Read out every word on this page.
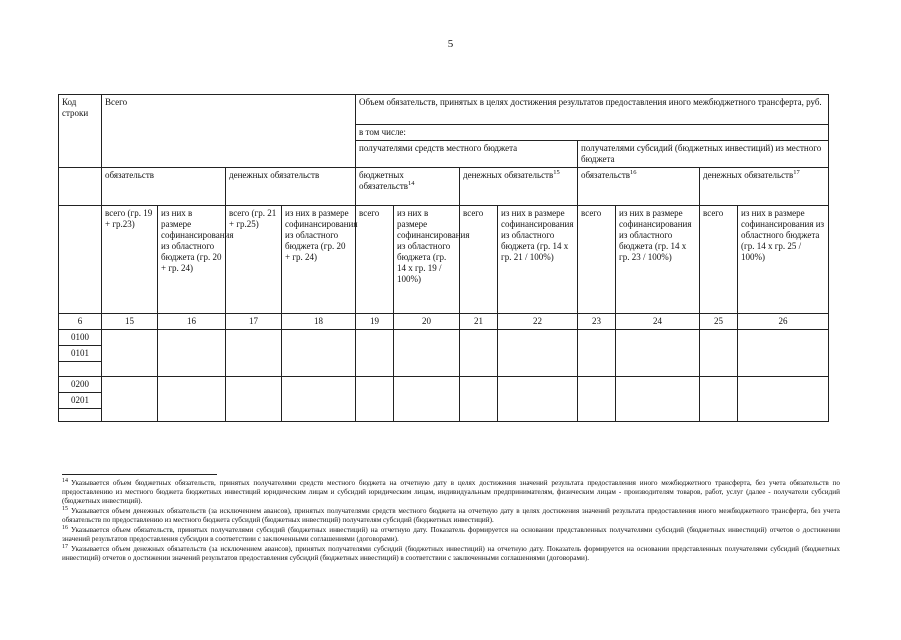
5
Код строки	Всего				Объем обязательств, принятых в целях достижения результатов предоставления иного межбюджетного трансферта, руб.							
					в том числе:							
					получателями средств местного бюджета				получателями субсидий (бюджетных инвестиций) из местного бюджета			
	обязательств		денежных обязательств		бюджетных обязательств$^{14}$		денежных обязательств$^{15}$		обязательств$^{16}$		денежных обязательств$^{17}$
	всего (гр. 19 + гр.23)	из них в размере софинансирования из областного бюджета (гр. 20 + гр. 24)	всего (гр. 21 + гр.25)	из них в размере софинансирования из областного бюджета (гр. 20 + гр. 24)	всего	из них в размере софинансирования из областного бюджета (гр. 14 х гр. 19 / 100%)	всего	из них в размере софинансирования из областного бюджета (гр. 14 х гр. 21 / 100%)	всего	из них в размере софинансирования из областного бюджета (гр. 14 х гр. 23 / 100%)	всего	из них в размере софинансирования из областного бюджета (гр. 14 х гр. 25 / 100%)
6	15	16	17	18	19	20	21	22	23	24	25	26
0100												
0101												

0200												
0201												

$^{14}$ Указывается объем бюджетных обязательств, принятых получателями средств местного бюджета на отчетную дату в целях достижения значений результата предоставления иного межбюджетного трансферта, без учета обязательств по предоставлению из местного бюджета бюджетных инвестиций юридическим лицам и субсидий юридическим лицам, индивидуальным предпринимателям, физическим лицам - производителям товаров, работ, услуг (далее - получатели субсидий (бюджетных инвестиций).

$^{15}$ Указывается объем денежных обязательств (за исключением авансов), принятых получателями средств местного бюджета на отчетную дату в целях достижения значений результата предоставления иного межбюджетного трансферта, без учета обязательств по предоставлению из местного бюджета субсидий (бюджетных инвестиций) получателям субсидий (бюджетных инвестиций).

$^{16}$ Указывается объем обязательств, принятых получателями субсидий (бюджетных инвестиций) на отчетную дату. Показатель формируется на основании представленных получателями субсидий (бюджетных инвестиций) отчетов о достижении значений результатов предоставления субсидии в соответствии с заключенными соглашениями (договорами).

$^{17}$ Указывается объем денежных обязательств (за исключением авансов), принятых получателями субсидий (бюджетных инвестиций) на отчетную дату. Показатель формируется на основании представленных получателями субсидий (бюджетных инвестиций) отчетов о достижении значений результатов предоставления субсидий (бюджетных инвестиций) в соответствии с заключенными соглашениями (договорами).
